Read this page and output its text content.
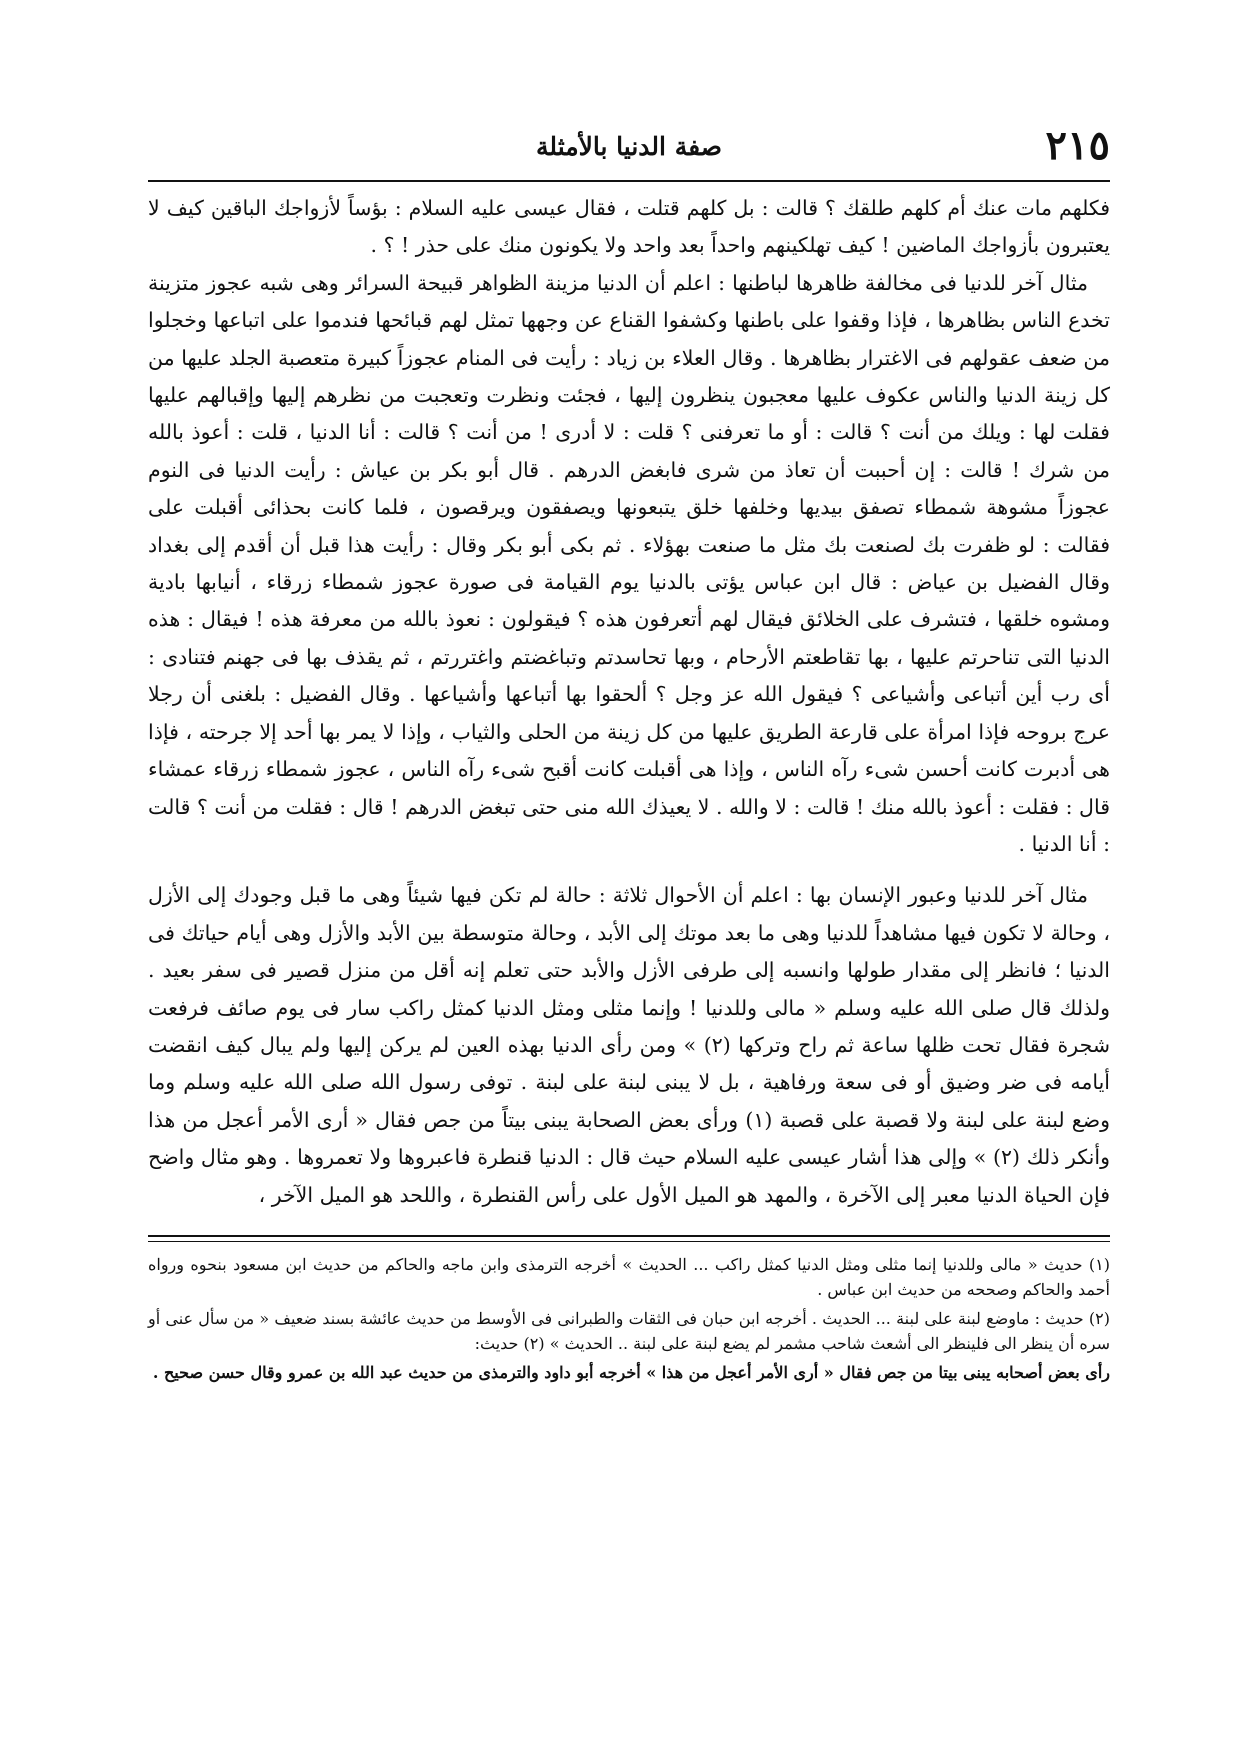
٢١٥
صفة الدنيا بالأمثلة

فكلهم مات عنك أم كلهم طلقك ؟ قالت : بل كلهم قتلت ، فقال عيسى عليه السلام : بؤساً لأزواجك الباقين كيف لا يعتبرون بأزواجك الماضين ! كيف تهلكينهم واحداً بعد واحد ولا يكونون منك على حذر ! ؟ .

مثال آخر للدنيا فى مخالفة ظاهرها لباطنها : اعلم أن الدنيا مزينة الظواهر قبيحة السرائر وهى شبه عجوز متزينة تخدع الناس بظاهرها ، فإذا وقفوا على باطنها وكشفوا القناع عن وجهها تمثل لهم قبائحها فندموا على اتباعها وخجلوا من ضعف عقولهم فى الاغترار بظاهرها . وقال العلاء بن زياد : رأيت فى المنام عجوزاً كبيرة متعصبة الجلد عليها من كل زينة الدنيا والناس عكوف عليها معجبون ينظرون إليها ، فجئت ونظرت وتعجبت من نظرهم إليها وإقبالهم عليها فقلت لها : ويلك من أنت ؟ قالت : أو ما تعرفنى ؟ قلت : لا أدرى ! من أنت ؟ قالت : أنا الدنيا ، قلت : أعوذ بالله من شرك ! قالت : إن أحببت أن تعاذ من شرى فابغض الدرهم . قال أبو بكر بن عياش : رأيت الدنيا فى النوم عجوزاً مشوهة شمطاء تصفق بيديها وخلفها خلق يتبعونها ويصفقون ويرقصون ، فلما كانت بحذائى أقبلت على فقالت : لو ظفرت بك لصنعت بك مثل ما صنعت بهؤلاء . ثم بكى أبو بكر وقال : رأيت هذا قبل أن أقدم إلى بغداد وقال الفضيل بن عياض : قال ابن عباس يؤتى بالدنيا يوم القيامة فى صورة عجوز شمطاء زرقاء ، أنيابها بادية ومشوه خلقها ، فتشرف على الخلائق فيقال لهم أتعرفون هذه ؟ فيقولون : نعوذ بالله من معرفة هذه ! فيقال : هذه الدنيا التى تناحرتم عليها ، بها تقاطعتم الأرحام ، وبها تحاسدتم وتباغضتم واغتررتم ، ثم يقذف بها فى جهنم فتنادى : أى رب أين أتباعى وأشياعى ؟ فيقول الله عز وجل ؟ ألحقوا بها أتباعها وأشياعها . وقال الفضيل : بلغنى أن رجلا عرج بروحه فإذا امرأة على قارعة الطريق عليها من كل زينة من الحلى والثياب ، وإذا لا يمر بها أحد إلا جرحته ، فإذا هى أدبرت كانت أحسن شىء رآه الناس ، وإذا هى أقبلت كانت أقبح شىء رآه الناس ، عجوز شمطاء زرقاء عمشاء قال : فقلت : أعوذ بالله منك ! قالت : لا والله . لا يعيذك الله منى حتى تبغض الدرهم ! قال : فقلت من أنت ؟ قالت : أنا الدنيا .

مثال آخر للدنيا وعبور الإنسان بها : اعلم أن الأحوال ثلاثة : حالة لم تكن فيها شيئاً وهى ما قبل وجودك إلى الأزل ، وحالة لا تكون فيها مشاهداً للدنيا وهى ما بعد موتك إلى الأبد ، وحالة متوسطة بين الأبد والأزل وهى أيام حياتك فى الدنيا ؛ فانظر إلى مقدار طولها وانسبه إلى طرفى الأزل والأبد حتى تعلم إنه أقل من منزل قصير فى سفر بعيد . ولذلك قال صلى الله عليه وسلم « مالى وللدنيا ! وإنما مثلى ومثل الدنيا كمثل راكب سار فى يوم صائف فرفعت شجرة فقال تحت ظلها ساعة ثم راح وتركها (٢) » ومن رأى الدنيا بهذه العين لم يركن إليها ولم يبال كيف انقضت أيامه فى ضر وضيق أو فى سعة ورفاهية ، بل لا يبنى لبنة على لبنة . توفى رسول الله صلى الله عليه وسلم وما وضع لبنة على لبنة ولا قصبة على قصبة (١) ورأى بعض الصحابة يبنى بيتاً من جص فقال « أرى الأمر أعجل من هذا وأنكر ذلك (٢) » وإلى هذا أشار عيسى عليه السلام حيث قال : الدنيا قنطرة فاعبروها ولا تعمروها . وهو مثال واضح فإن الحياة الدنيا معبر إلى الآخرة ، والمهد هو الميل الأول على رأس القنطرة ، واللحد هو الميل الآخر ،

(١) حديث « مالى وللدنيا إنما مثلى ومثل الدنيا كمثل راكب ... الحديث » أخرجه الترمذى وابن ماجه والحاكم من حديث ابن مسعود بنحوه ورواه أحمد والحاكم وصححه من حديث ابن عباس .

(٢) حديث : ماوضع لبنة على لبنة ... الحديث . أخرجه ابن حبان فى الثقات والطبرانى فى الأوسط من حديث عائشة بسند ضعيف « من سأل عنى أو سره أن ينظر الى فلينظر الى أشعث شاحب مشمر لم يضع لبنة على لبنة .. الحديث » (٢) حديث:

رأى بعض أصحابه يبنى بيتا من جص فقال « أرى الأمر أعجل من هذا » أخرجه أبو داود والترمذى من حديث عبد الله بن عمرو وقال حسن صحيح .
